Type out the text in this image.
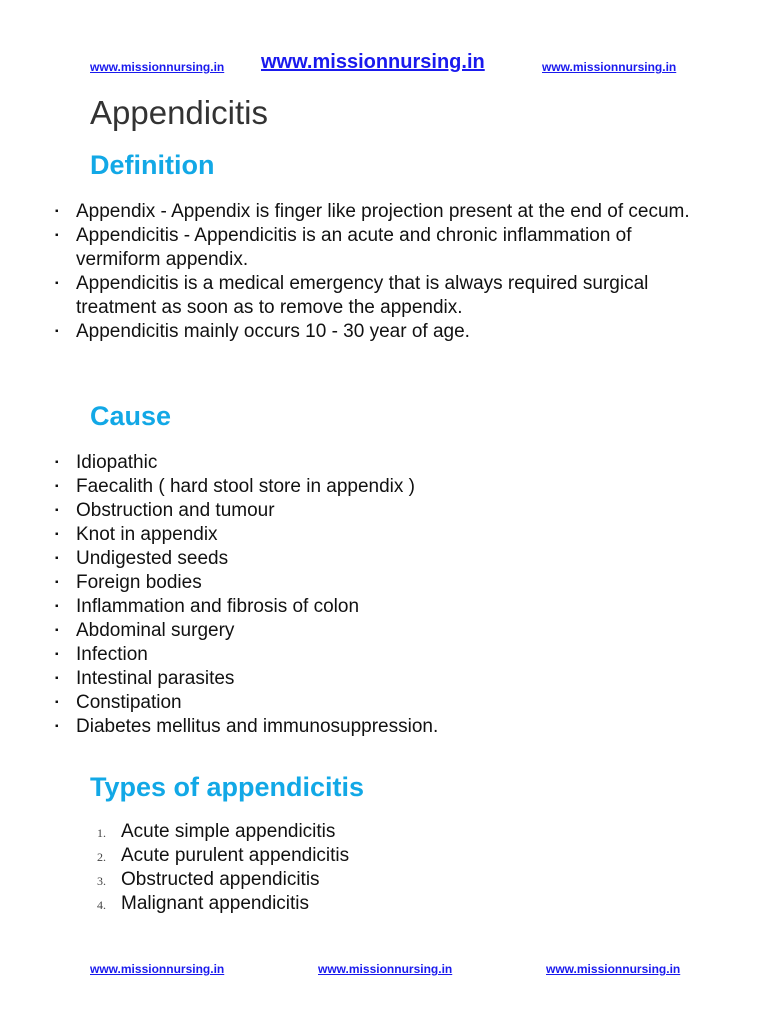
www.missionnursing.in www.missionnursing.in	www.missionnursing.in
Appendicitis
Definition
▪ Appendix - Appendix is finger like projection present at the end of cecum.
▪ Appendicitis - Appendicitis is an acute and chronic inflammation of vermiform appendix.
▪ Appendicitis is a medical emergency that is always required surgical treatment as soon as to remove the appendix.
▪ Appendicitis mainly occurs 10 - 30 year of age.
Cause
▪ Idiopathic
▪ Faecalith ( hard stool store in appendix )
▪ Obstruction and tumour
▪ Knot in appendix
▪ Undigested seeds
▪ Foreign bodies
▪ Inflammation and fibrosis of colon
▪ Abdominal surgery
▪ Infection
▪ Intestinal parasites
▪ Constipation
▪ Diabetes mellitus and immunosuppression.
Types of appendicitis
1. Acute simple appendicitis
2. Acute purulent appendicitis
3. Obstructed appendicitis
4. Malignant appendicitis
www.missionnursing.in	www.missionnursing.in	www.missionnursing.in
